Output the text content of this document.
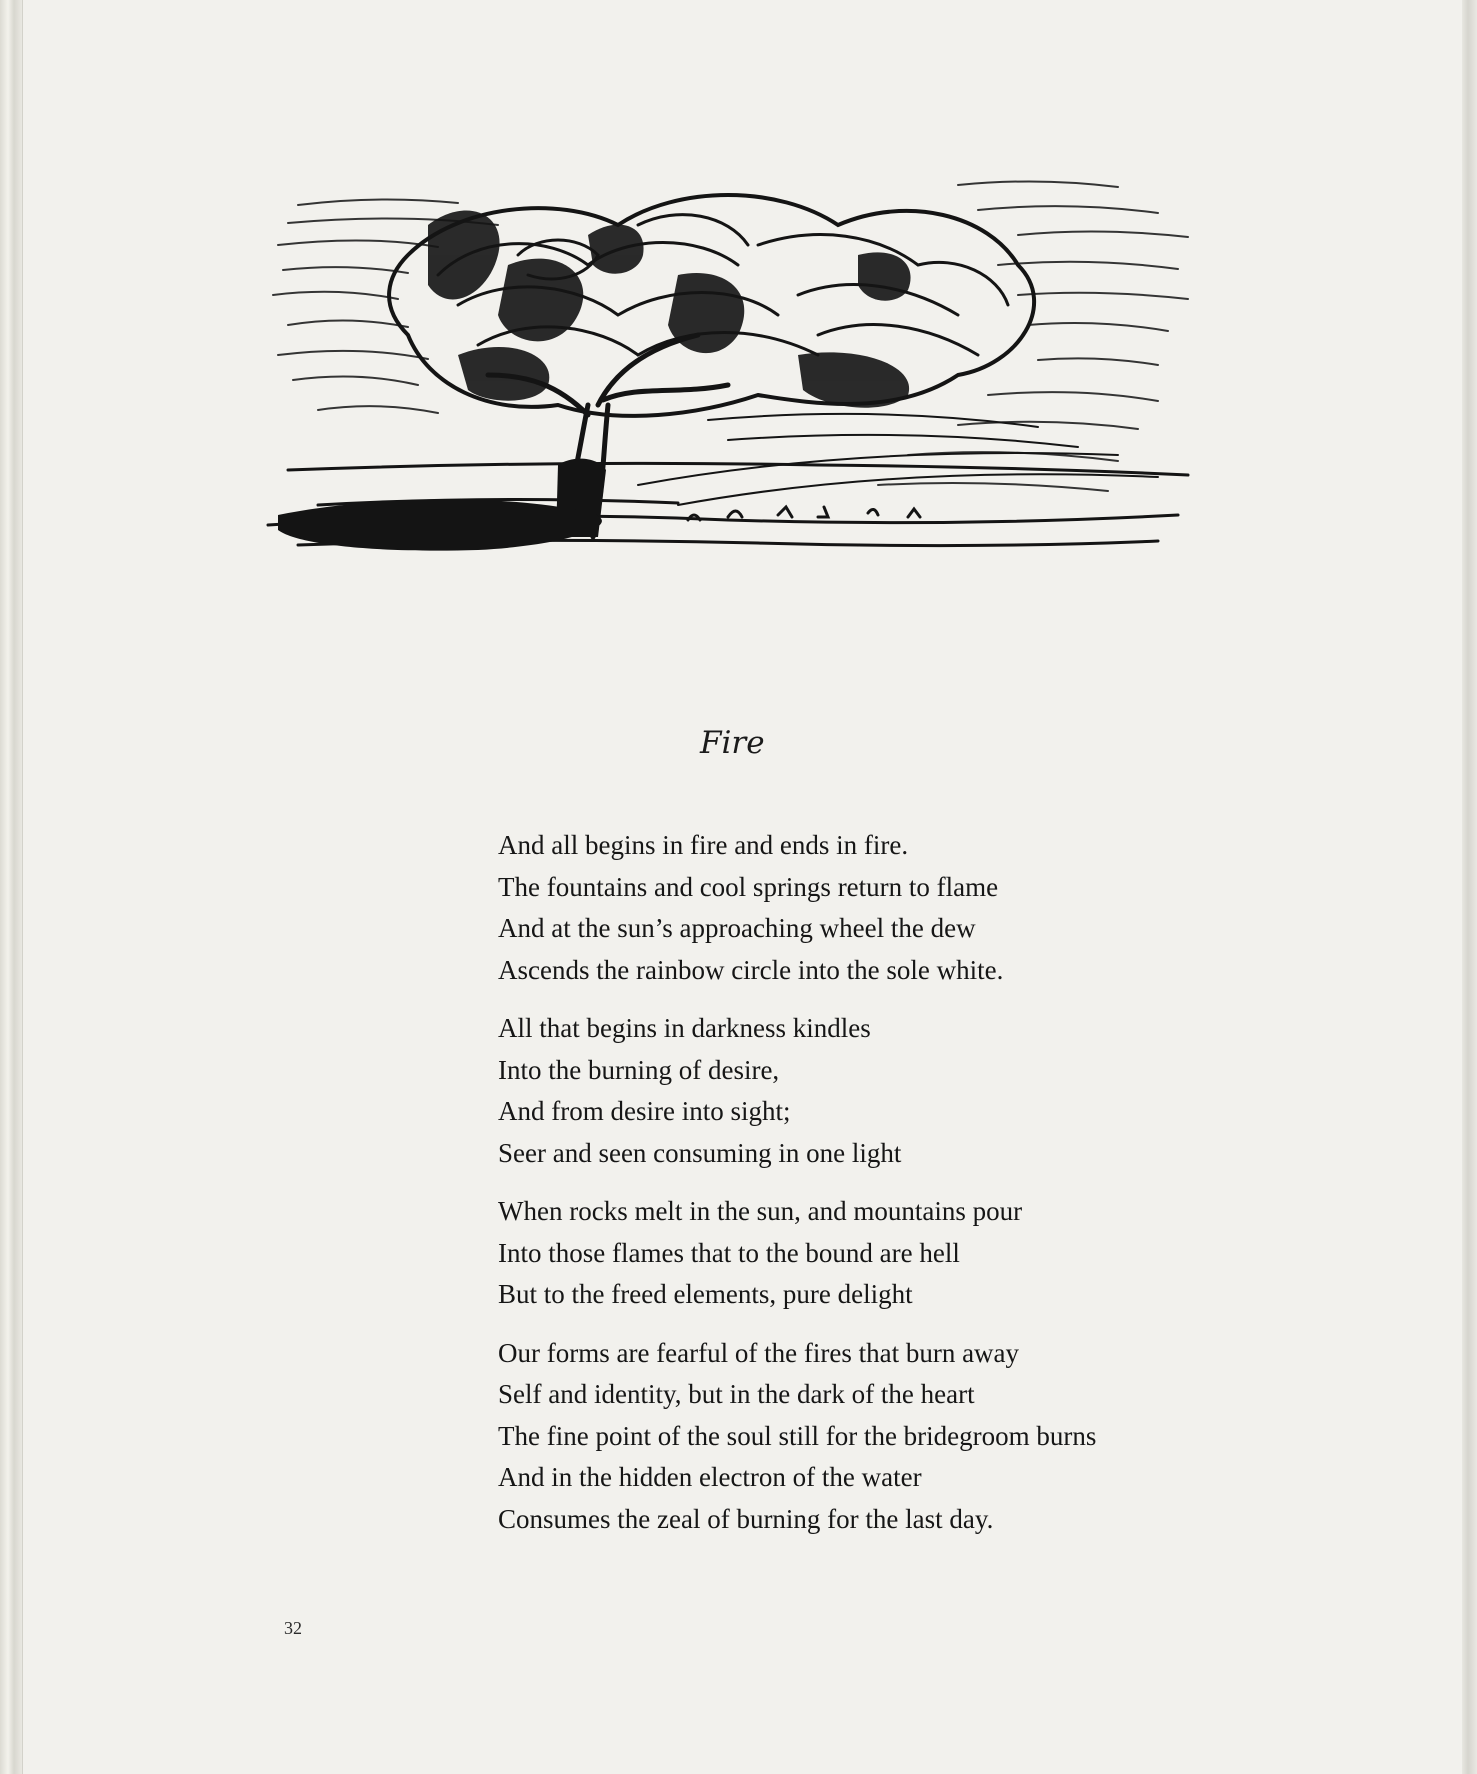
Fire
And all begins in fire and ends in fire.
The fountains and cool springs return to flame
And at the sun’s approaching wheel the dew
Ascends the rainbow circle into the sole white.
All that begins in darkness kindles
Into the burning of desire,
And from desire into sight;
Seer and seen consuming in one light
When rocks melt in the sun, and mountains pour
Into those flames that to the bound are hell
But to the freed elements, pure delight
Our forms are fearful of the fires that burn away
Self and identity, but in the dark of the heart
The fine point of the soul still for the bridegroom burns
And in the hidden electron of the water
Consumes the zeal of burning for the last day.
32
